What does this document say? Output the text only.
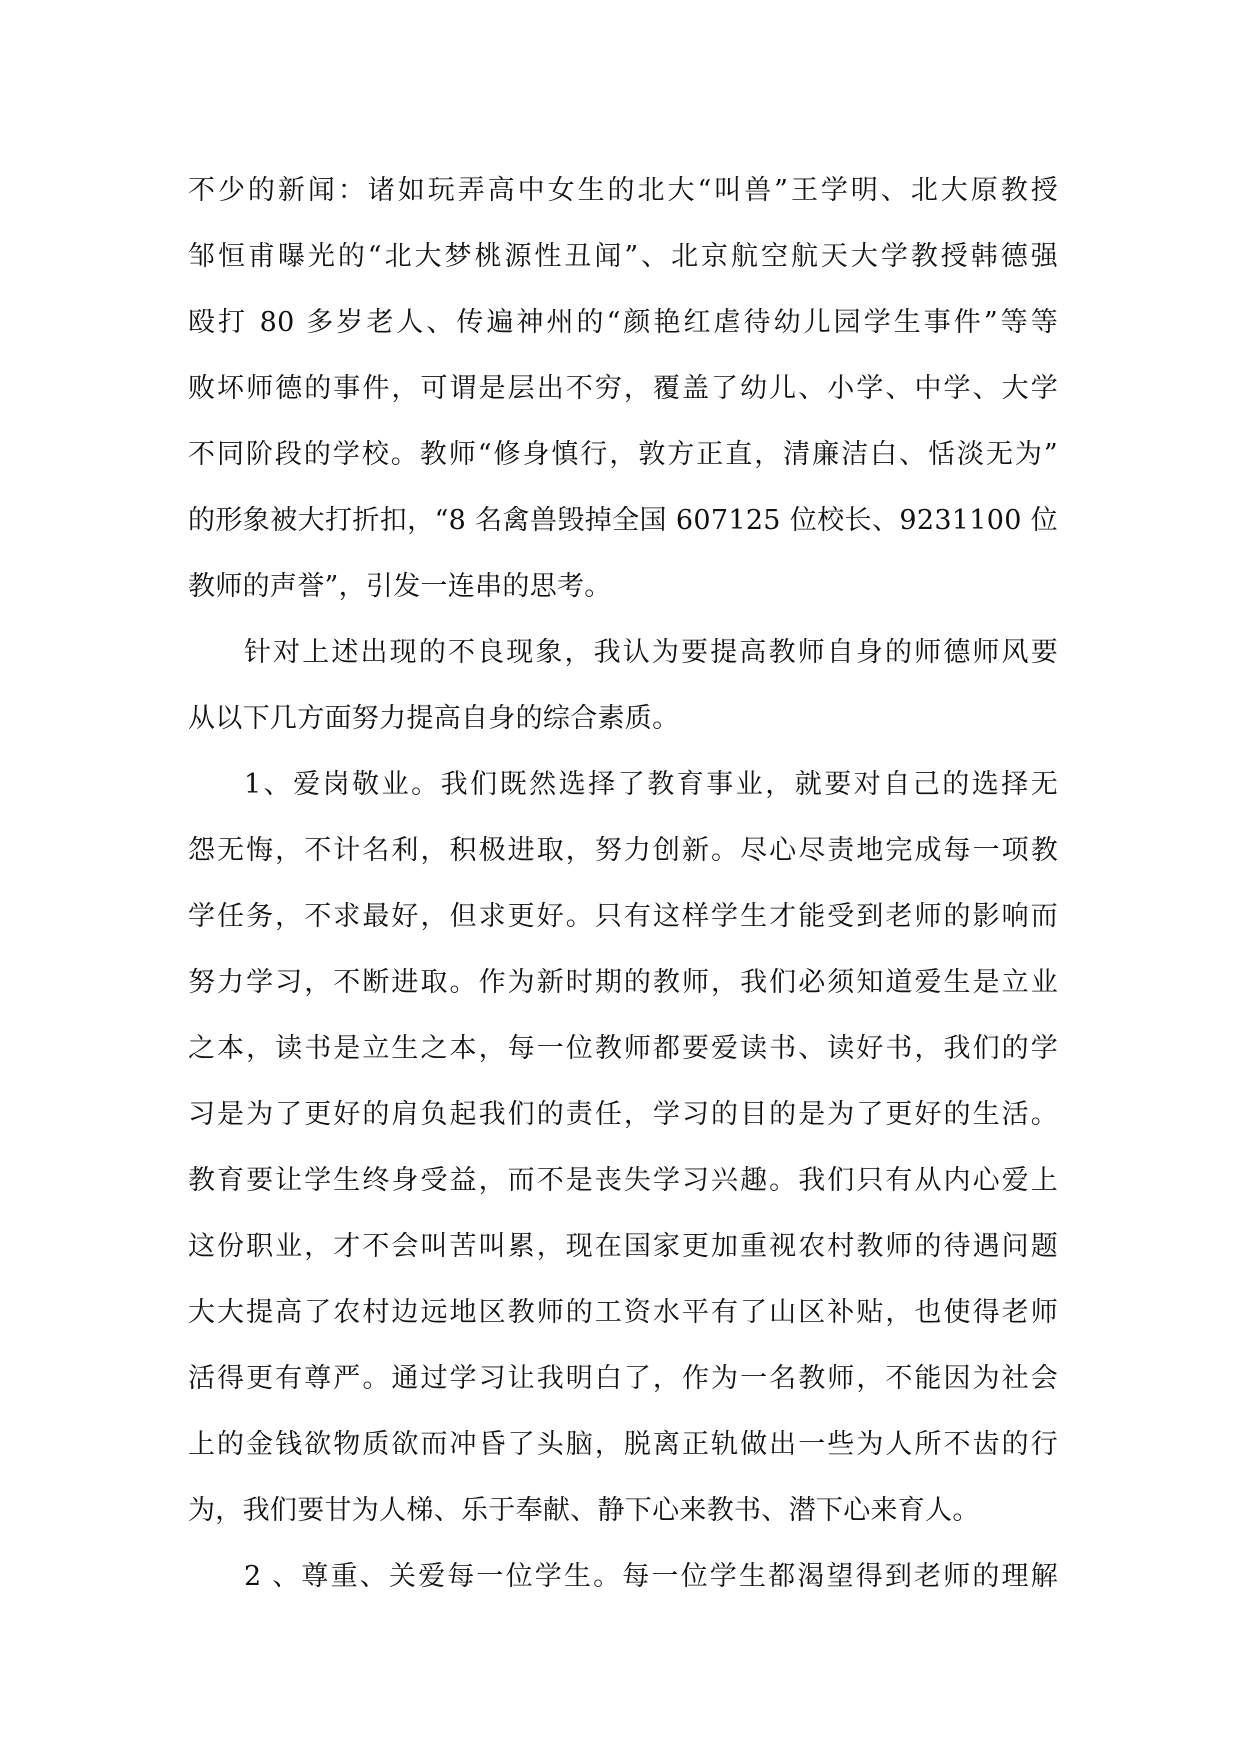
不少的新闻：诸如玩弄高中女生的北大“叫兽”王学明、北大原教授
邹恒甫曝光的“北大梦桃源性丑闻”、北京航空航天大学教授韩德强
殴打 80 多岁老人、传遍神州的“颜艳红虐待幼儿园学生事件”等等
败坏师德的事件，可谓是层出不穷，覆盖了幼儿、小学、中学、大学
不同阶段的学校。教师“修身慎行，敦方正直，清廉洁白、恬淡无为”
的形象被大打折扣，“8 名禽兽毁掉全国 607125 位校长、9231100 位
教师的声誉”，引发一连串的思考。
针对上述出现的不良现象，我认为要提高教师自身的师德师风要
从以下几方面努力提高自身的综合素质。
1、爱岗敬业。我们既然选择了教育事业，就要对自己的选择无
怨无悔，不计名利，积极进取，努力创新。尽心尽责地完成每一项教
学任务，不求最好，但求更好。只有这样学生才能受到老师的影响而
努力学习，不断进取。作为新时期的教师，我们必须知道爱生是立业
之本，读书是立生之本，每一位教师都要爱读书、读好书，我们的学
习是为了更好的肩负起我们的责任，学习的目的是为了更好的生活。
教育要让学生终身受益，而不是丧失学习兴趣。我们只有从内心爱上
这份职业，才不会叫苦叫累，现在国家更加重视农村教师的待遇问题
大大提高了农村边远地区教师的工资水平有了山区补贴，也使得老师
活得更有尊严。通过学习让我明白了，作为一名教师，不能因为社会
上的金钱欲物质欲而冲昏了头脑，脱离正轨做出一些为人所不齿的行
为，我们要甘为人梯、乐于奉献、静下心来教书、潜下心来育人。
2 、尊重、关爱每一位学生。每一位学生都渴望得到老师的理解
